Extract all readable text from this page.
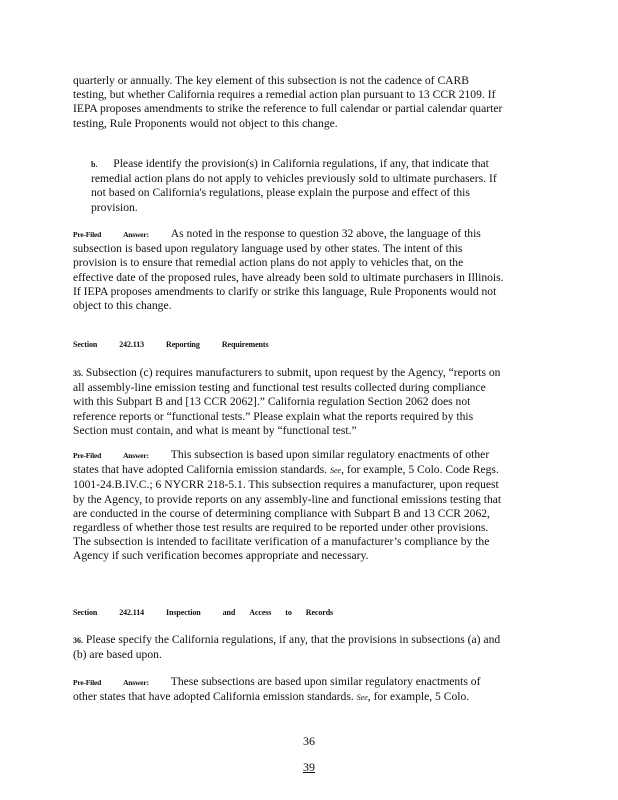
quarterly or annually. The key element of this subsection is not the cadence of CARB testing, but whether California requires a remedial action plan pursuant to 13 CCR 2109. If IEPA proposes amendments to strike the reference to full calendar or partial calendar quarter testing, Rule Proponents would not object to this change.
b. Please identify the provision(s) in California regulations, if any, that indicate that remedial action plans do not apply to vehicles previously sold to ultimate purchasers. If not based on California's regulations, please explain the purpose and effect of this provision.
Pre-Filed	Answer: As noted in the response to question 32 above, the language of this subsection is based upon regulatory language used by other states. The intent of this provision is to ensure that remedial action plans do not apply to vehicles that, on the effective date of the proposed rules, have already been sold to ultimate purchasers in Illinois. If IEPA proposes amendments to clarify or strike this language, Rule Proponents would not object to this change.
Section	242.113	Reporting	Requirements
35. Subsection (c) requires manufacturers to submit, upon request by the Agency, “reports on all assembly-line emission testing and functional test results collected during compliance with this Subpart B and [13 CCR 2062].” California regulation Section 2062 does not reference reports or “functional tests.” Please explain what the reports required by this Section must contain, and what is meant by “functional test.”
Pre-Filed	Answer: This subsection is based upon similar regulatory enactments of other states that have adopted California emission standards. See, for example, 5 Colo. Code Regs. 1001-24.B.IV.C.; 6 NYCRR 218-5.1. This subsection requires a manufacturer, upon request by the Agency, to provide reports on any assembly-line and functional emissions testing that are conducted in the course of determining compliance with Subpart B and 13 CCR 2062, regardless of whether those test results are required to be reported under other provisions. The subsection is intended to facilitate verification of a manufacturer’s compliance by the Agency if such verification becomes appropriate and necessary.
Section	242.114	Inspection	and Access to Records
36. Please specify the California regulations, if any, that the provisions in subsections (a) and (b) are based upon.
Pre-Filed	Answer: These subsections are based upon similar regulatory enactments of other states that have adopted California emission standards. See, for example, 5 Colo.
36
39
